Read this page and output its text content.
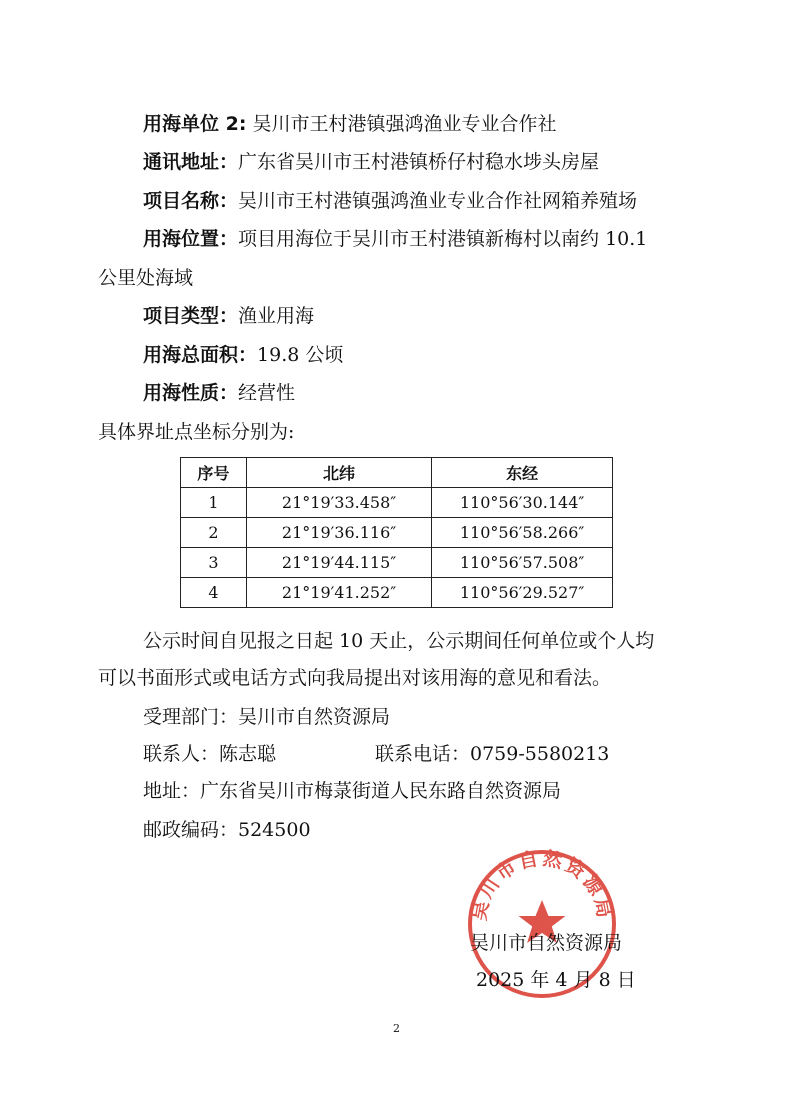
用海单位 2: 吴川市王村港镇强鸿渔业专业合作社
通讯地址：广东省吴川市王村港镇桥仔村稳水埗头房屋
项目名称：吴川市王村港镇强鸿渔业专业合作社网箱养殖场
用海位置：项目用海位于吴川市王村港镇新梅村以南约 10.1
公里处海域
项目类型：渔业用海
用海总面积：19.8 公顷
用海性质：经营性
具体界址点坐标分别为:
序号	北纬	东经
1	21°19′33.458″	110°56′30.144″
2	21°19′36.116″	110°56′58.266″
3	21°19′44.115″	110°56′57.508″
4	21°19′41.252″	110°56′29.527″
公示时间自见报之日起 10 天止，公示期间任何单位或个人均
可以书面形式或电话方式向我局提出对该用海的意见和看法。
受理部门：吴川市自然资源局
联系人：陈志聪	联系电话：0759-5580213
地址：广东省吴川市梅菉街道人民东路自然资源局
邮政编码：524500
吴川市自然资源局
吴川市自然资源局
2025 年 4 月 8 日
2
